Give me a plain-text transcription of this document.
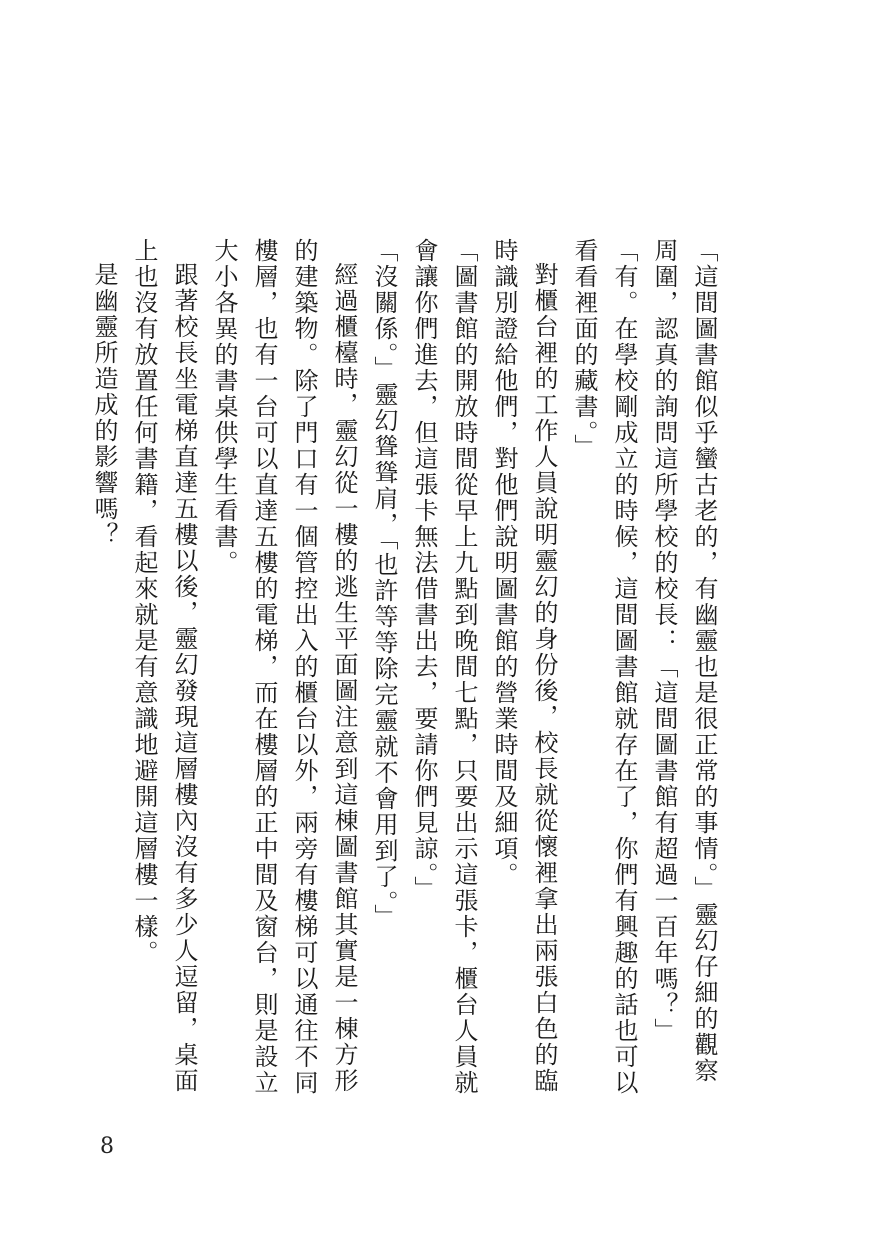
「這間圖書館似乎蠻古老的，有幽靈也是很正常的事情。」靈幻仔細的觀察周圍，認真的詢問這所學校的校長：「這間圖書館有超過一百年嗎？」

「有。在學校剛成立的時候，這間圖書館就存在了，你們有興趣的話也可以看看裡面的藏書。」

對櫃台裡的工作人員說明靈幻的身份後，校長就從懷裡拿出兩張白色的臨時識別證給他們，對他們說明圖書館的營業時間及細項。

「圖書館的開放時間從早上九點到晚間七點，只要出示這張卡，櫃台人員就會讓你們進去，但這張卡無法借書出去，要請你們見諒。」

「沒關係。」靈幻聳聳肩，「也許等等除完靈就不會用到了。」

經過櫃檯時，靈幻從一樓的逃生平面圖注意到這棟圖書館其實是一棟方形的建築物。除了門口有一個管控出入的櫃台以外，兩旁有樓梯可以通往不同樓層，也有一台可以直達五樓的電梯，而在樓層的正中間及窗台，則是設立大小各異的書桌供學生看書。

跟著校長坐電梯直達五樓以後，靈幻發現這層樓內沒有多少人逗留，桌面上也沒有放置任何書籍，看起來就是有意識地避開這層樓一樣。

是幽靈所造成的影響嗎？

8
